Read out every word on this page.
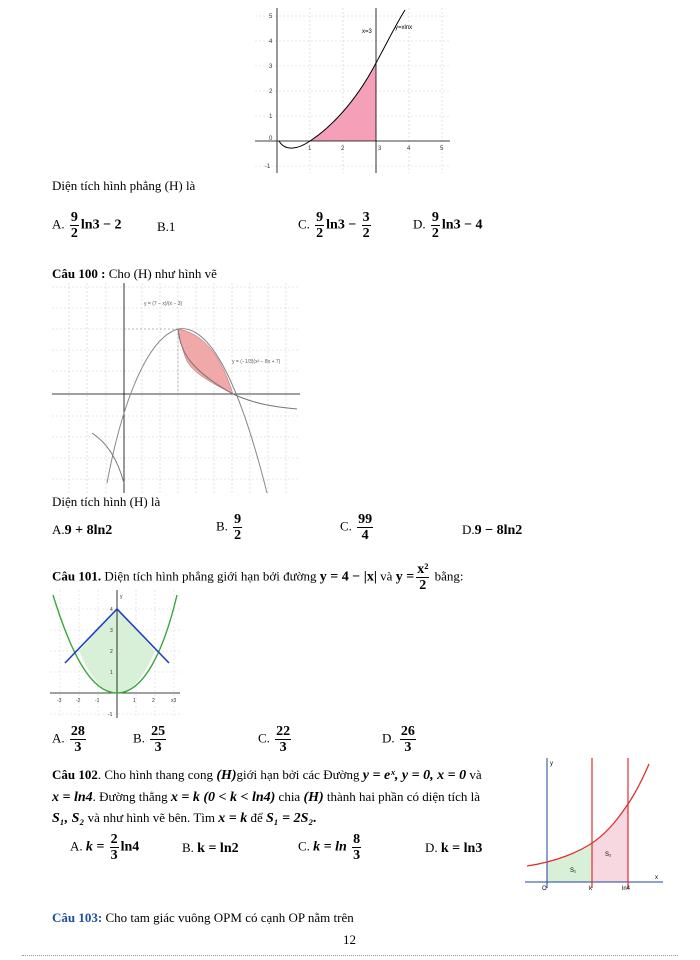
x=3
y=xlnx
5
4
3
2
1
0
-1
1	2	3	4	5
Diện tích hình phẳng (H) là
A. $\frac{9}{2} \ln 3 - 2$	B.1	C. $\frac{9}{2} \ln 3 - \frac{3}{2}$	D. $\frac{9}{2} \ln 3 - 4$
Câu 100 : Cho (H) như hình vẽ
y = (7 − x)/(x − 3)
y = (−1/3)(x² − 8x + 7)
Diện tích hình (H) là
A.9 + 8ln2	B. $\frac{9}{2}$	C. $\frac{99}{4}$	D.9 − 8ln2
Câu 101. Diện tích hình phẳng giới hạn bởi đường y = 4 − |x| và $y = \frac{\text{x²}}{2}$ bằng:
-3	-2	-1	1	2	x3
4
3
2
1
-1
y
A. $\frac{28}{3}$	B. $\frac{25}{3}$	C. $\frac{22}{3}$	D. $\frac{26}{3}$
Câu 102. Cho hình thang cong (H)giới hạn bởi các Đường y = eˣ, y = 0, x = 0 và
x = ln4. Đường thẳng x = k (0 < k < ln4) chia (H) thành hai phần có diện tích là
S₁, S₂ và như hình vẽ bên. Tìm x = k để S₁ = 2S₂.
A. $k = \frac{2}{3} \ln 4$	B. k = ln2	C. $k = \ln \frac{8}{3}$	D. k = ln3
S₁
S₂
O	k	ln4
x
y
Câu 103: Cho tam giác vuông OPM có cạnh OP nằm trên
12
